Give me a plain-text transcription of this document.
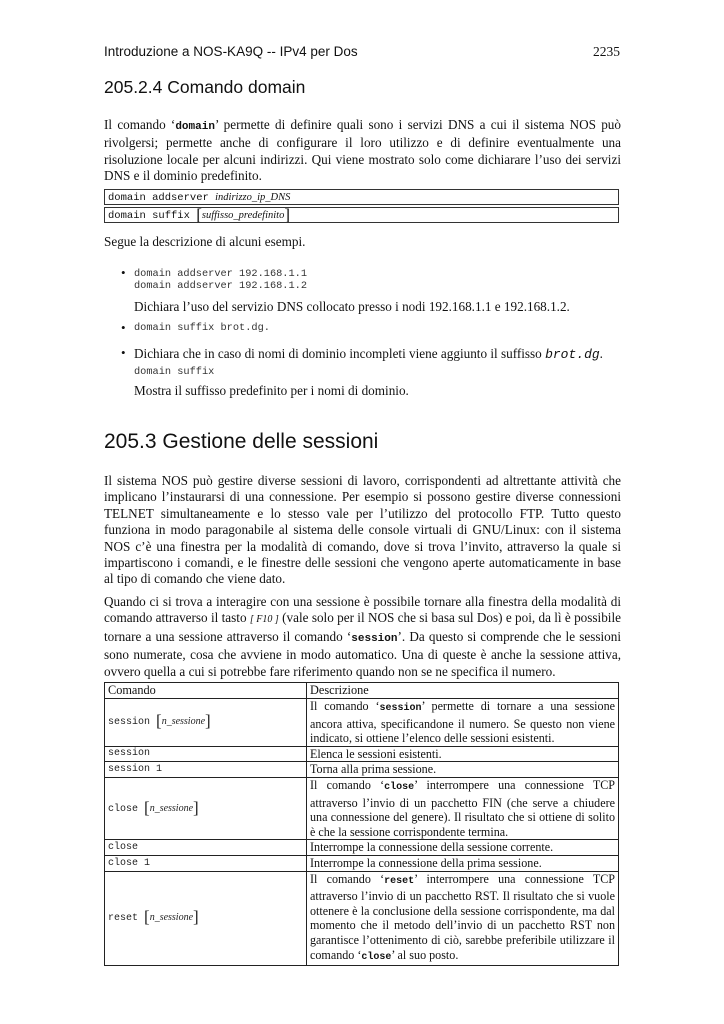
Introduzione a NOS-KA9Q -- IPv4 per Dos	2235
205.2.4 Comando domain

Il comando ‘domain’ permette di definire quali sono i servizi DNS a cui il sistema NOS può rivolgersi; permette anche di configurare il loro utilizzo e di definire eventualmente una risoluzione locale per alcuni indirizzi. Qui viene mostrato solo come dichiarare l’uso dei servizi DNS e il dominio predefinito.

domain addserver indirizzo_ip_DNS
domain suffix [suffisso_predefinito]
Segue la descrizione di alcuni esempi.
• domain addserver 192.168.1.1
domain addserver 192.168.1.2
Dichiara l’uso del servizio DNS collocato presso i nodi 192.168.1.1 e 192.168.1.2.
• domain suffix brot.dg.
• Dichiara che in caso di nomi di dominio incompleti viene aggiunto il suffisso brot.dg.
domain suffix
Mostra il suffisso predefinito per i nomi di dominio.
205.3 Gestione delle sessioni

Il sistema NOS può gestire diverse sessioni di lavoro, corrispondenti ad altrettante attività che implicano l’instaurarsi di una connessione. Per esempio si possono gestire diverse connessioni TELNET simultaneamente e lo stesso vale per l’utilizzo del protocollo FTP. Tutto questo funziona in modo paragonabile al sistema delle console virtuali di GNU/Linux: con il sistema NOS c’è una finestra per la modalità di comando, dove si trova l’invito, attraverso la quale si impartiscono i comandi, e le finestre delle sessioni che vengono aperte automaticamente in base al tipo di comando che viene dato.

Quando ci si trova a interagire con una sessione è possibile tornare alla finestra della modalità di comando attraverso il tasto [ F10 ] (vale solo per il NOS che si basa sul Dos) e poi, da lì è possibile tornare a una sessione attraverso il comando ‘session’. Da questo si comprende che le sessioni sono numerate, cosa che avviene in modo automatico. Una di queste è anche la sessione attiva, ovvero quella a cui si potrebbe fare riferimento quando non se ne specifica il numero.

Comando	Descrizione
session [n_sessione]	Il comando ‘session’ permette di tornare a una sessione ancora attiva, specificandone il numero. Se questo non viene indicato, si ottiene l’elenco delle sessioni esistenti.
session	Elenca le sessioni esistenti.
session 1	Torna alla prima sessione.
close [n_sessione]	Il comando ‘close’ interrompere una connessione TCP attraverso l’invio di un pacchetto FIN (che serve a chiudere una connessione del genere). Il risultato che si ottiene di solito è che la sessione corrispondente termina.
close	Interrompe la connessione della sessione corrente.
close 1	Interrompe la connessione della prima sessione.
reset [n_sessione]	Il comando ‘reset’ interrompere una connessione TCP attraverso l’invio di un pacchetto RST. Il risultato che si vuole ottenere è la conclusione della sessione corrispondente, ma dal momento che il metodo dell’invio di un pacchetto RST non garantisce l’ottenimento di ciò, sarebbe preferibile utilizzare il comando ‘close’ al suo posto.
